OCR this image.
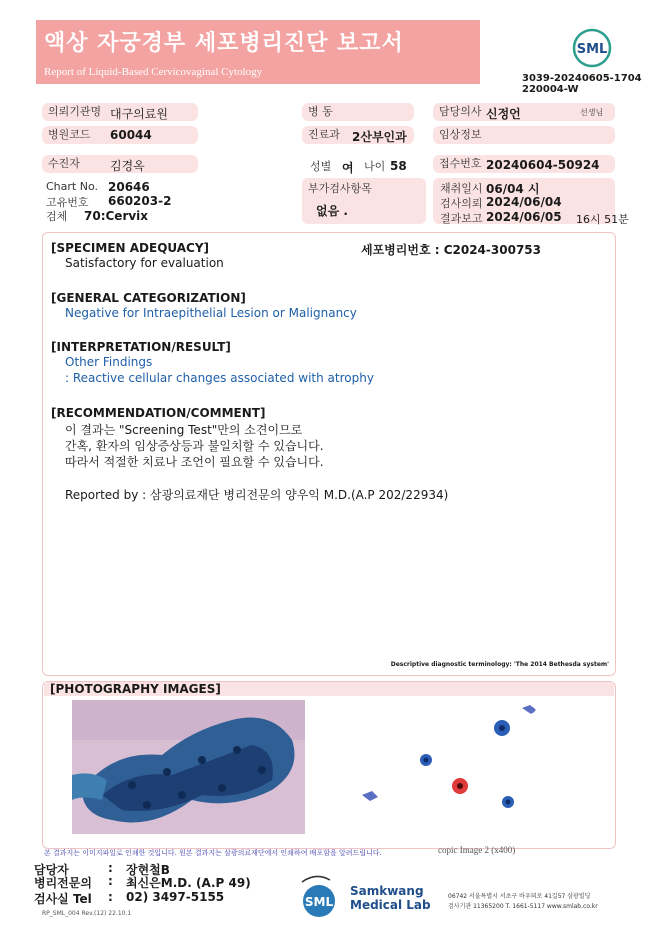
액상 자궁경부 세포병리진단 보고서
Report of Liquid-Based Cervicovaginal Cytology
SML
3039-20240605-1704
220004-W
의뢰기관명 대구의료원	병 동	담당의사 신정언	선생님
병원코드	60044	진료과	2산부인과	임상정보
수진자	김경옥	성별 여 나이 58	접수번호 20240604-50924
Chart No. 20646
고유번호 660203-2
검체 70:Cervix
부가검사항목
없음 .
채취일시 06/04 시
검사의뢰 2024/06/04
결과보고 2024/06/05 16시 51분
[SPECIMEN ADEQUACY]	세포병리번호 : C2024-300753
Satisfactory for evaluation
[GENERAL CATEGORIZATION]
Negative for Intraepithelial Lesion or Malignancy
[INTERPRETATION/RESULT]
Other Findings
: Reactive cellular changes associated with atrophy
[RECOMMENDATION/COMMENT]
이 결과는 "Screening Test"만의 소견이므로
간혹, 환자의 임상증상등과 불일치할 수 있습니다.
따라서 적절한 치료나 조언이 필요할 수 있습니다.
Reported by : 삼광의료재단 병리전문의 양우익 M.D.(A.P 202/22934)
Descriptive diagnostic terminology: 'The 2014 Bethesda system'
[PHOTOGRAPHY IMAGES]
copic Image 2 (x400)
본 결과지는 이미지파일로 인쇄한 것입니다. 원본 결과지는 삼광의료재단에서 인쇄하여 배포함을 알려드립니다.
담당자	: 장현철B
병리전문의 : 최신은M.D. (A.P 49)
검사실 Tel : 02) 3497-5155
RP_SML_004 Rev.(12) 22.10.1
SML
Samkwang
Medical Lab
06742 서울특별시 서초구 바우뫼로 41길57 삼광빌딩
검사기관 11365200 T. 1661-5117 www.smlab.co.kr
